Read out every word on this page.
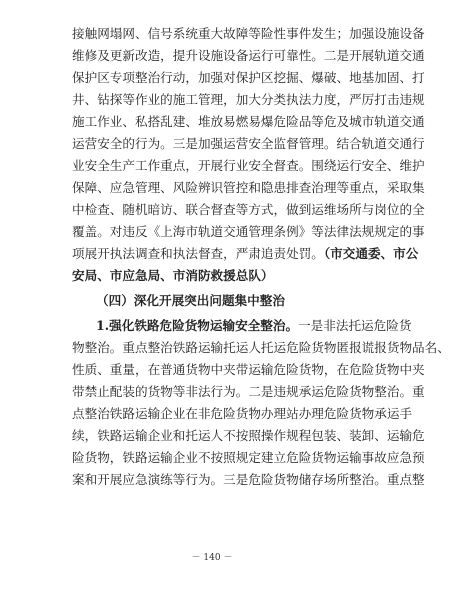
接触网塌网、信号系统重大故障等险性事件发生；加强设施设备
维修及更新改造，提升设施设备运行可靠性。二是开展轨道交通
保护区专项整治行动，加强对保护区挖掘、爆破、地基加固、打
井、钻探等作业的施工管理，加大分类执法力度，严厉打击违规
施工作业、私搭乱建、堆放易燃易爆危险品等危及城市轨道交通
运营安全的行为。三是加强运营安全监督管理。结合轨道交通行
业安全生产工作重点，开展行业安全督查。围绕运行安全、维护
保障、应急管理、风险辨识管控和隐患排查治理等重点，采取集
中检查、随机暗访、联合督查等方式，做到运维场所与岗位的全
覆盖。对违反《上海市轨道交通管理条例》等法律法规规定的事
项展开执法调查和执法督查，严肃追责处罚。（市交通委、市公
安局、市应急局、市消防救援总队）
（四）深化开展突出问题集中整治
1.强化铁路危险货物运输安全整治。一是非法托运危险货
物整治。重点整治铁路运输托运人托运危险货物匿报谎报货物品名、
性质、重量，在普通货物中夹带运输危险货物，在危险货物中夹
带禁止配装的货物等非法行为。二是违规承运危险货物整治。重
点整治铁路运输企业在非危险货物办理站办理危险货物承运手
续，铁路运输企业和托运人不按照操作规程包装、装卸、运输危
险货物，铁路运输企业不按照规定建立危险货物运输事故应急预
案和开展应急演练等行为。三是危险货物储存场所整治。重点整
－ 140 －
